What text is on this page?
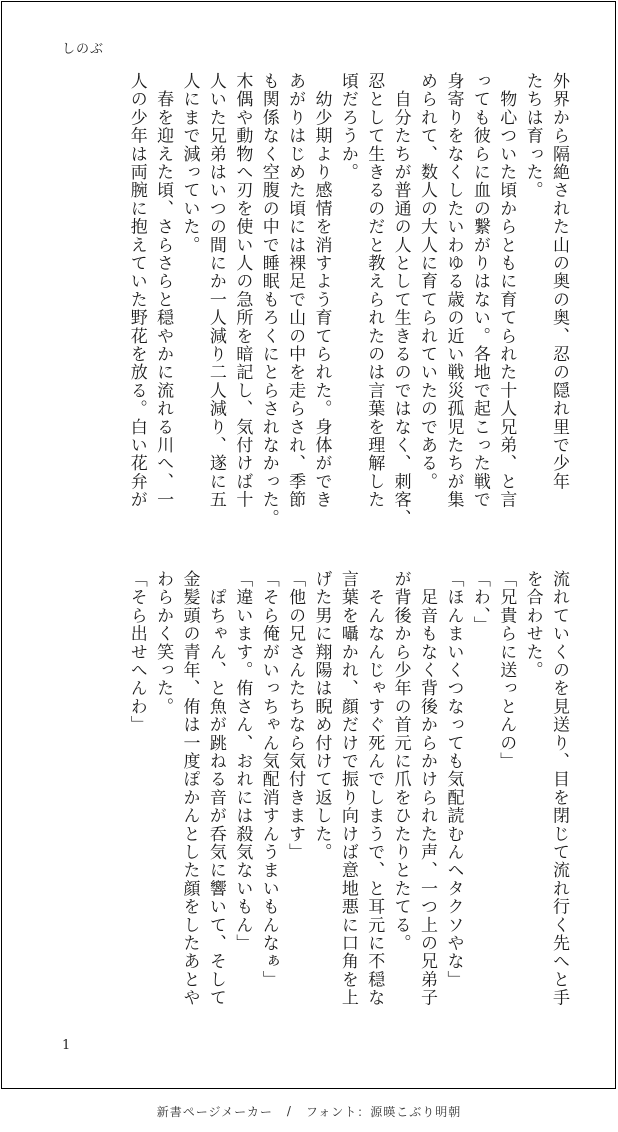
しのぶ
外界から隔絶された山の奥の奥、忍の隠れ里で少年
たちは育った。
　物心ついた頃からともに育てられた十人兄弟、と言
っても彼らに血の繋がりはない。各地で起こった戦で
身寄りをなくしたいわゆる歳の近い戦災孤児たちが集
められて、数人の大人に育てられていたのである。
　自分たちが普通の人として生きるのではなく、刺客、
忍として生きるのだと教えられたのは言葉を理解した
頃だろうか。
　幼少期より感情を消すよう育てられた。身体ができ
あがりはじめた頃には裸足で山の中を走らされ、季節
も関係なく空腹の中で睡眠もろくにとらされなかった。
木偶や動物へ刃を使い人の急所を暗記し、気付けば十
人いた兄弟はいつの間にか一人減り二人減り、遂に五
人にまで減っていた。
　春を迎えた頃、さらさらと穏やかに流れる川へ、一
人の少年は両腕に抱えていた野花を放る。白い花弁が
流れていくのを見送り、目を閉じて流れ行く先へと手
を合わせた。
「兄貴らに送っとんの」
「わ、」
「ほんまいくつなっても気配読むんヘタクソやな」
　足音もなく背後からかけられた声、一つ上の兄弟子
が背後から少年の首元に爪をひたりとたてる。
　そんなんじゃすぐ死んでしまうで、と耳元に不穏な
言葉を囁かれ、顔だけで振り向けば意地悪に口角を上
げた男に翔陽は睨め付けて返した。
「他の兄さんたちなら気付きます」
「そら俺がいっちゃん気配消すんうまいもんなぁ」
「違います。侑さん、おれには殺気ないもん」
　ぽちゃん、と魚が跳ねる音が呑気に響いて、そして
金髪頭の青年、侑は一度ぽかんとした顔をしたあとや
わらかく笑った。
「そら出せへんわ」
1
新書ページメーカー / フォント：源暎こぶり明朝
